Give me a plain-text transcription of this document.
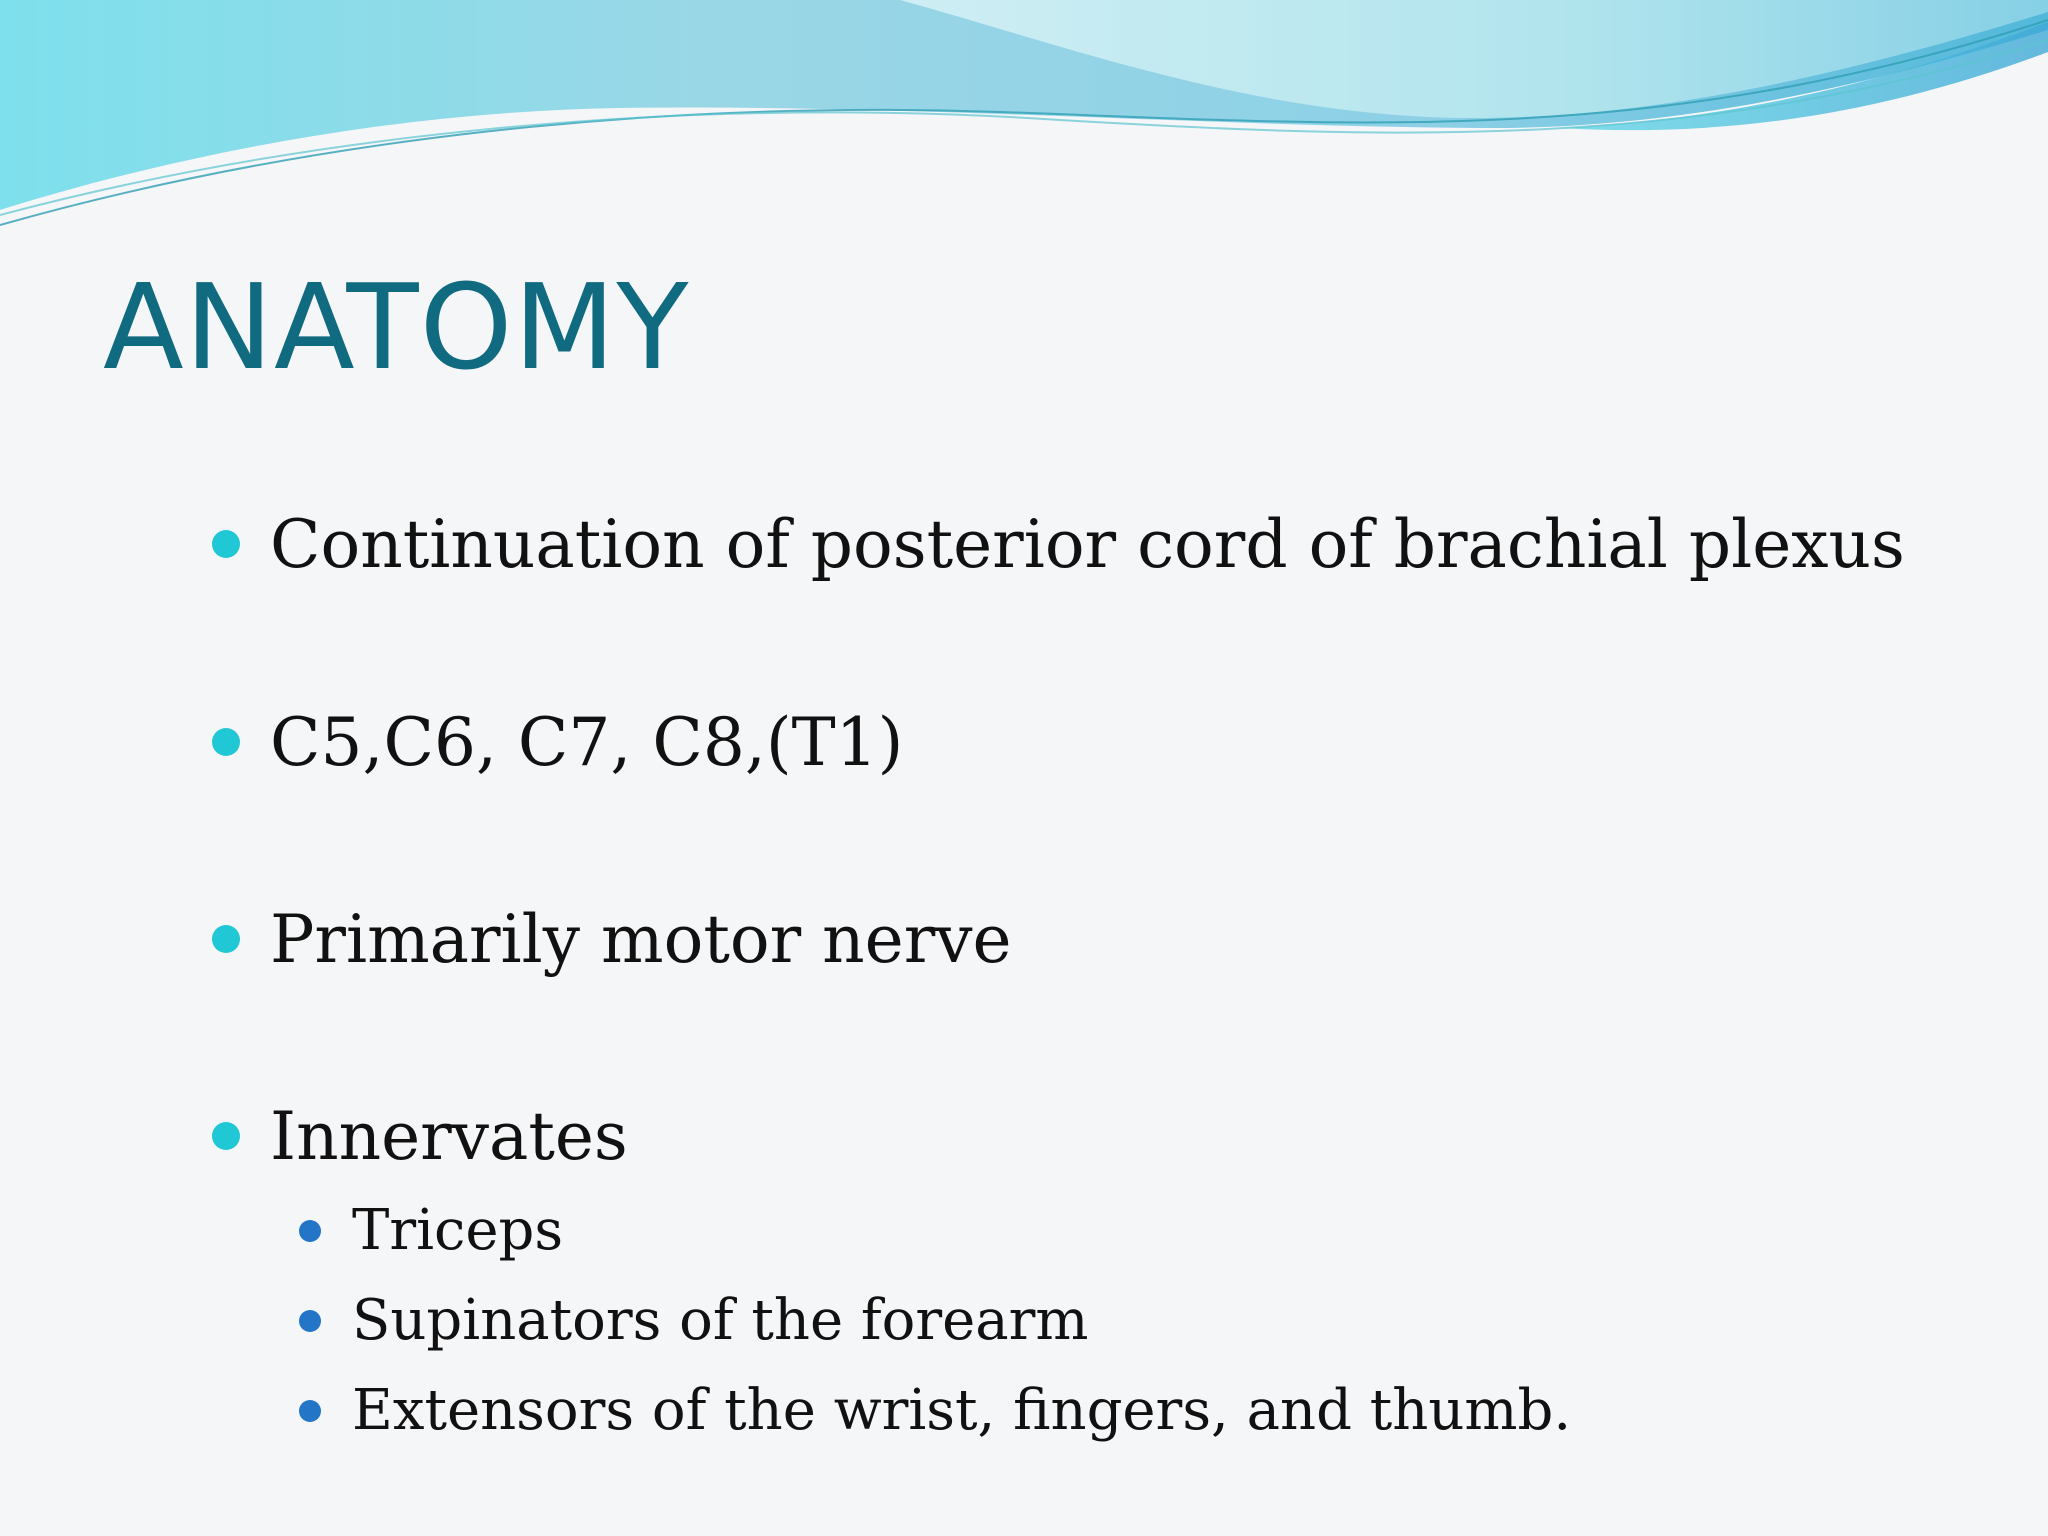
ANATOMY
Continuation of posterior cord of brachial plexus
C5,C6, C7, C8,(T1)
Primarily motor nerve
Innervates
Triceps
Supinators of the forearm
Extensors of the wrist, fingers, and thumb.
